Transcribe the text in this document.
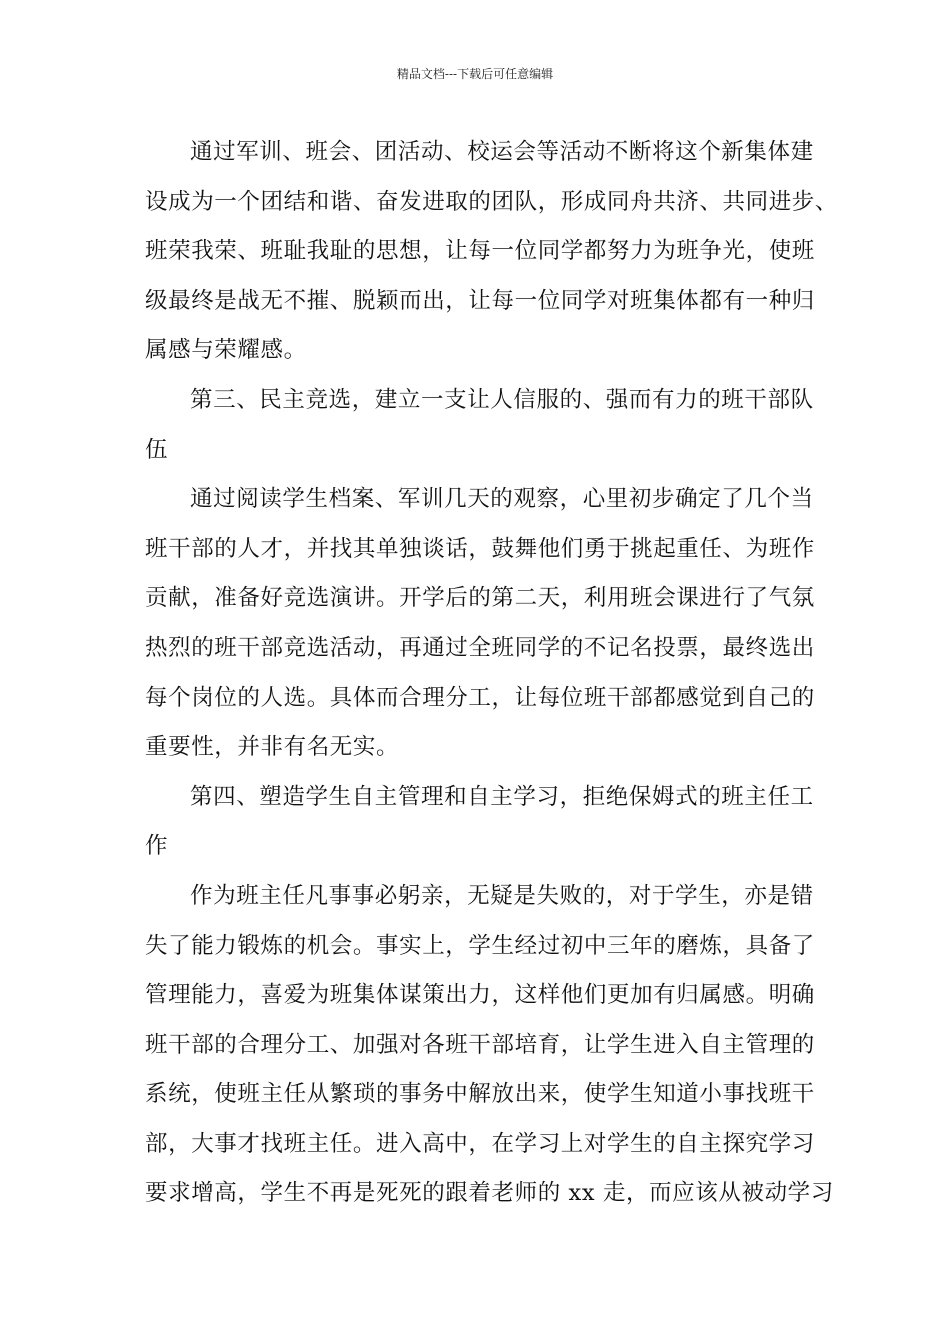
精品文档---下载后可任意编辑
通过军训、班会、团活动、校运会等活动不断将这个新集体建
设成为一个团结和谐、奋发进取的团队，形成同舟共济、共同进步、
班荣我荣、班耻我耻的思想，让每一位同学都努力为班争光，使班
级最终是战无不摧、脱颖而出，让每一位同学对班集体都有一种归
属感与荣耀感。
第三、民主竞选，建立一支让人信服的、强而有力的班干部队
伍
通过阅读学生档案、军训几天的观察，心里初步确定了几个当
班干部的人才，并找其单独谈话，鼓舞他们勇于挑起重任、为班作
贡献，准备好竞选演讲。开学后的第二天，利用班会课进行了气氛
热烈的班干部竞选活动，再通过全班同学的不记名投票，最终选出
每个岗位的人选。具体而合理分工，让每位班干部都感觉到自己的
重要性，并非有名无实。
第四、塑造学生自主管理和自主学习，拒绝保姆式的班主任工
作
作为班主任凡事事必躬亲，无疑是失败的，对于学生，亦是错
失了能力锻炼的机会。事实上，学生经过初中三年的磨炼，具备了
管理能力，喜爱为班集体谋策出力，这样他们更加有归属感。明确
班干部的合理分工、加强对各班干部培育，让学生进入自主管理的
系统，使班主任从繁琐的事务中解放出来，使学生知道小事找班干
部，大事才找班主任。进入高中，在学习上对学生的自主探究学习
要求增高，学生不再是死死的跟着老师的 xx 走，而应该从被动学习
